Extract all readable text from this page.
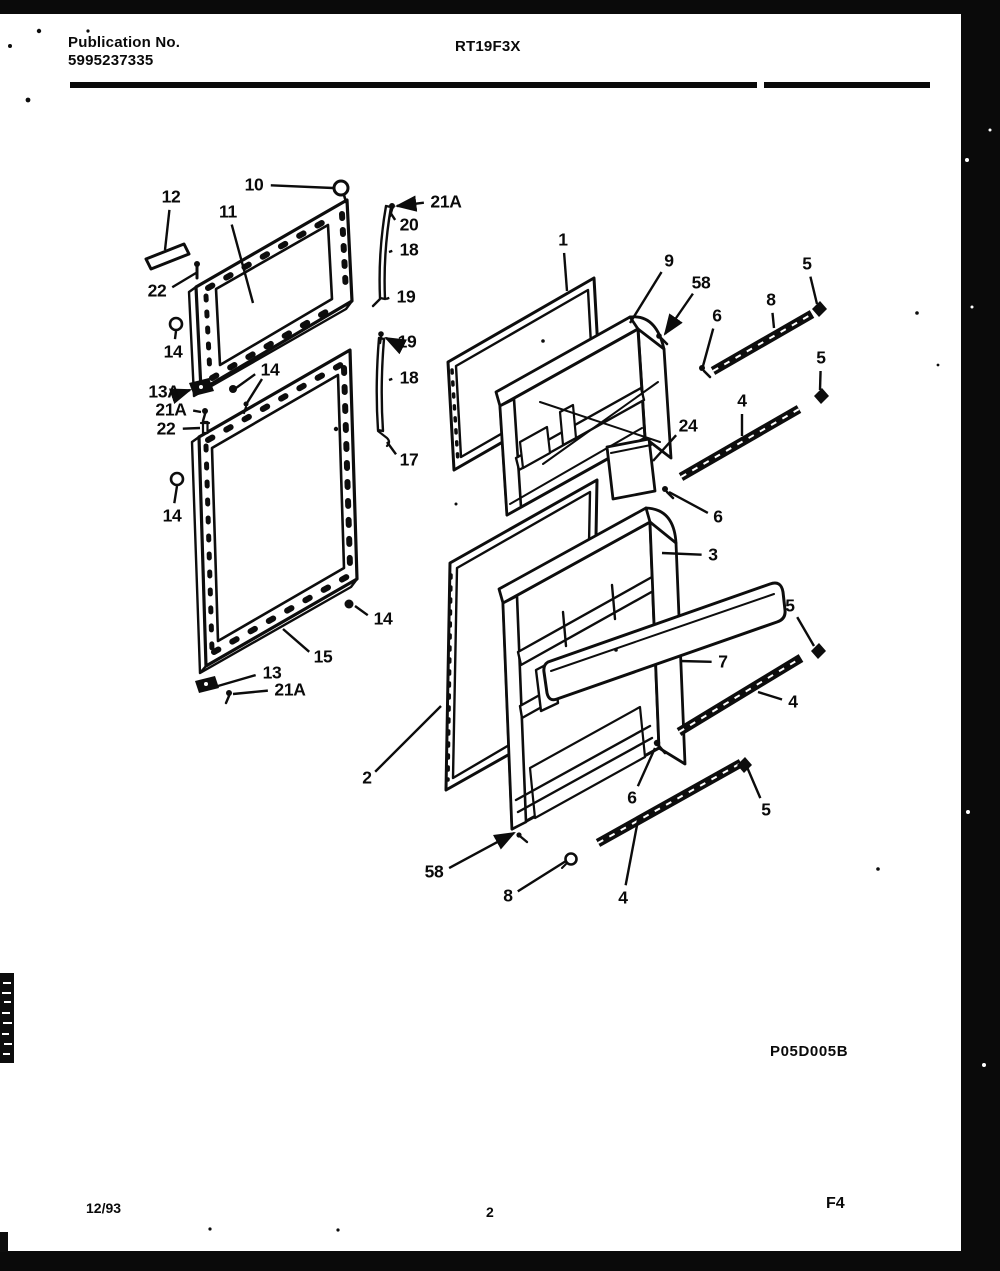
Publication No.
5995237335
RT19F3X
12
10
11	21A
20
18
19
22
14
14
13A
21A
22
19
18
17
14
1
9
58
6
8
5
5
4
24
6
3
7
5
4
14
15
13
21A
2
58
8
6
4
5
P05D005B
12/93	2	F4
